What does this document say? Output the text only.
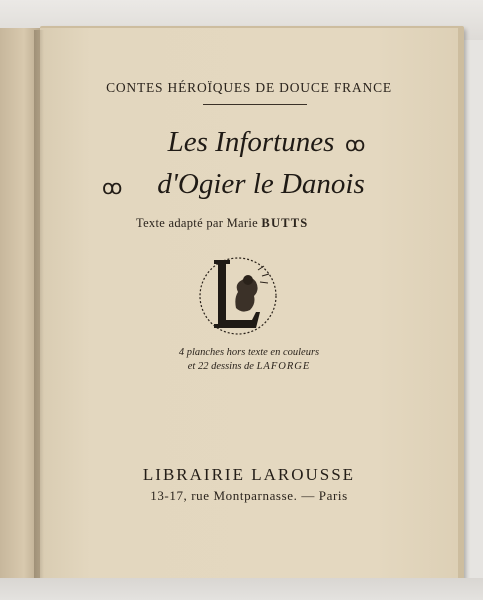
CONTES HÉROÏQUES DE DOUCE FRANCE
Les Infortunes ꝏ
d'Ogier le Danois
ꝏ
Texte adapté par Marie BUTTS
4 planches hors texte en couleurs
et 22 dessins de LAFORGE
LIBRAIRIE LAROUSSE
13-17, rue Montparnasse. — Paris
